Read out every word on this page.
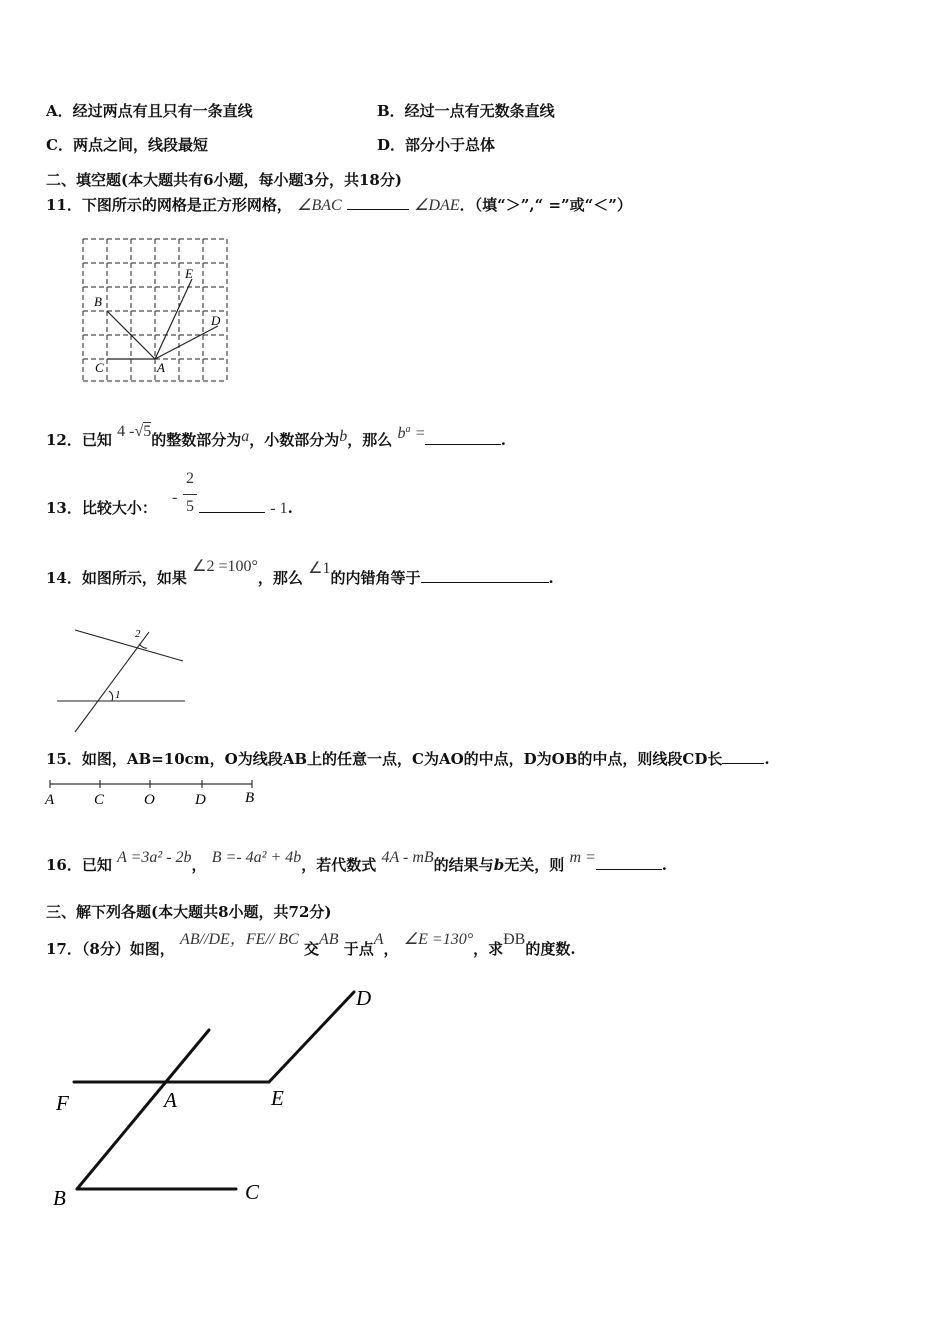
A．经过两点有且只有一条直线	B．经过一点有无数条直线
C．两点之间，线段最短	D．部分小于总体
二、填空题(本大题共有6小题，每小题3分，共18分)
11．下图所示的网格是正方形网格， ∠BAC	∠DAE．（填“＞”,“ =”或“＜”）
E
B
D
C	A
12．已知 4 -√5的整数部分为a，小数部分为b，那么 $b^a$ =	.
13．比较大小：
-
2
5	- 1.
14．如图所示，如果 ∠2 =100°，那么 ∠1的内错角等于	.
2
1
15．如图，AB=10cm，O为线段AB上的任意一点，C为AO的中点，D为OB的中点，则线段CD长	.
A	C	O	D	B
16．已知 A =3a² - 2b， B =- 4a² + 4b，若代数式 4A - mB的结果与b无关，则 m =	.
三、解下列各题(本大题共8小题，共72分)
17．（8分）如图， AB//DE，FE// BC 交AB 于点A， ∠E =130°，求ÐB的度数.
D
F	A	E
B	C
